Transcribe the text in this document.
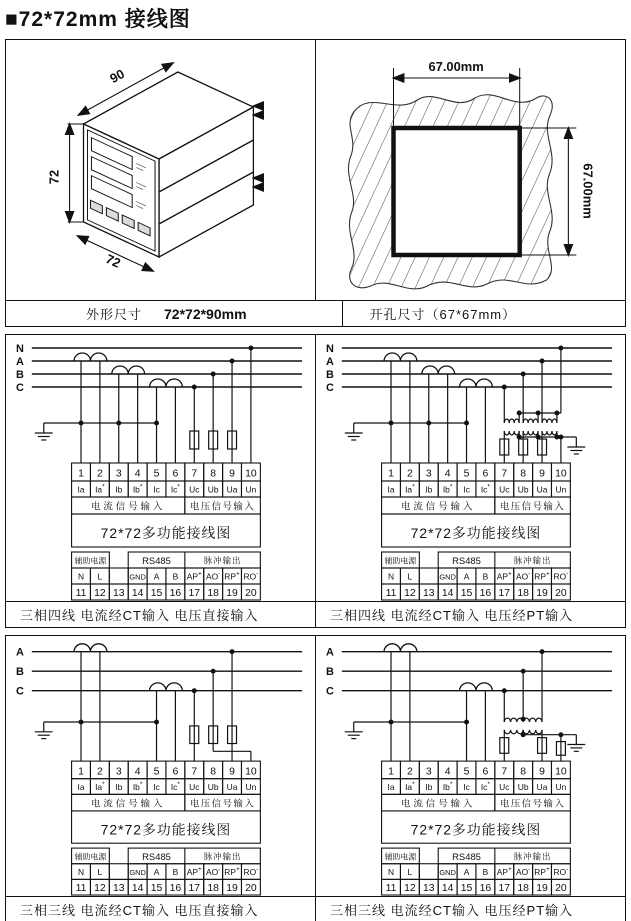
■72*72mm 接线图
90
72
72
67.00mm
67.00mm
外形尺寸 72*72*90mm	开孔尺寸（67*67mm）
N
A
B
C
1 2 3 4 5 6 7 8 9 10
Ia Ia* Ib Ib* Ic Ic* Uc Ub Ua Un
电流信号输入	电压信号输入
72*72多功能接线图
辅助电源	RS485	脉冲输出
N L	GND A B AP+ AO- RP+ RO-
11 12 13 14 15 16 17 18 19 20
N
A
B
C
1 2 3 4 5 6 7 8 9 10
Ia Ia* Ib Ib* Ic Ic* Uc Ub Ua Un
电流信号输入	电压信号输入
72*72多功能接线图
辅助电源	RS485	脉冲输出
N L	GND A B AP+ AO- RP+ RO-
11 12 13 14 15 16 17 18 19 20
三相四线 电流经CT输入 电压直接输入	三相四线 电流经CT输入 电压经PT输入
A
B
C
1 2 3 4 5 6 7 8 9 10
Ia Ia* Ib Ib* Ic Ic* Uc Ub Ua Un
电流信号输入	电压信号输入
72*72多功能接线图
辅助电源	RS485	脉冲输出
N L	GND A B AP+ AO- RP+ RO-
11 12 13 14 15 16 17 18 19 20
A
B
C
1 2 3 4 5 6 7 8 9 10
Ia Ia* Ib Ib* Ic Ic* Uc Ub Ua Un
电流信号输入	电压信号输入
72*72多功能接线图
辅助电源	RS485	脉冲输出
N L	GND A B AP+ AO- RP+ RO-
11 12 13 14 15 16 17 18 19 20
三相三线 电流经CT输入 电压直接输入	三相三线 电流经CT输入 电压经PT输入
